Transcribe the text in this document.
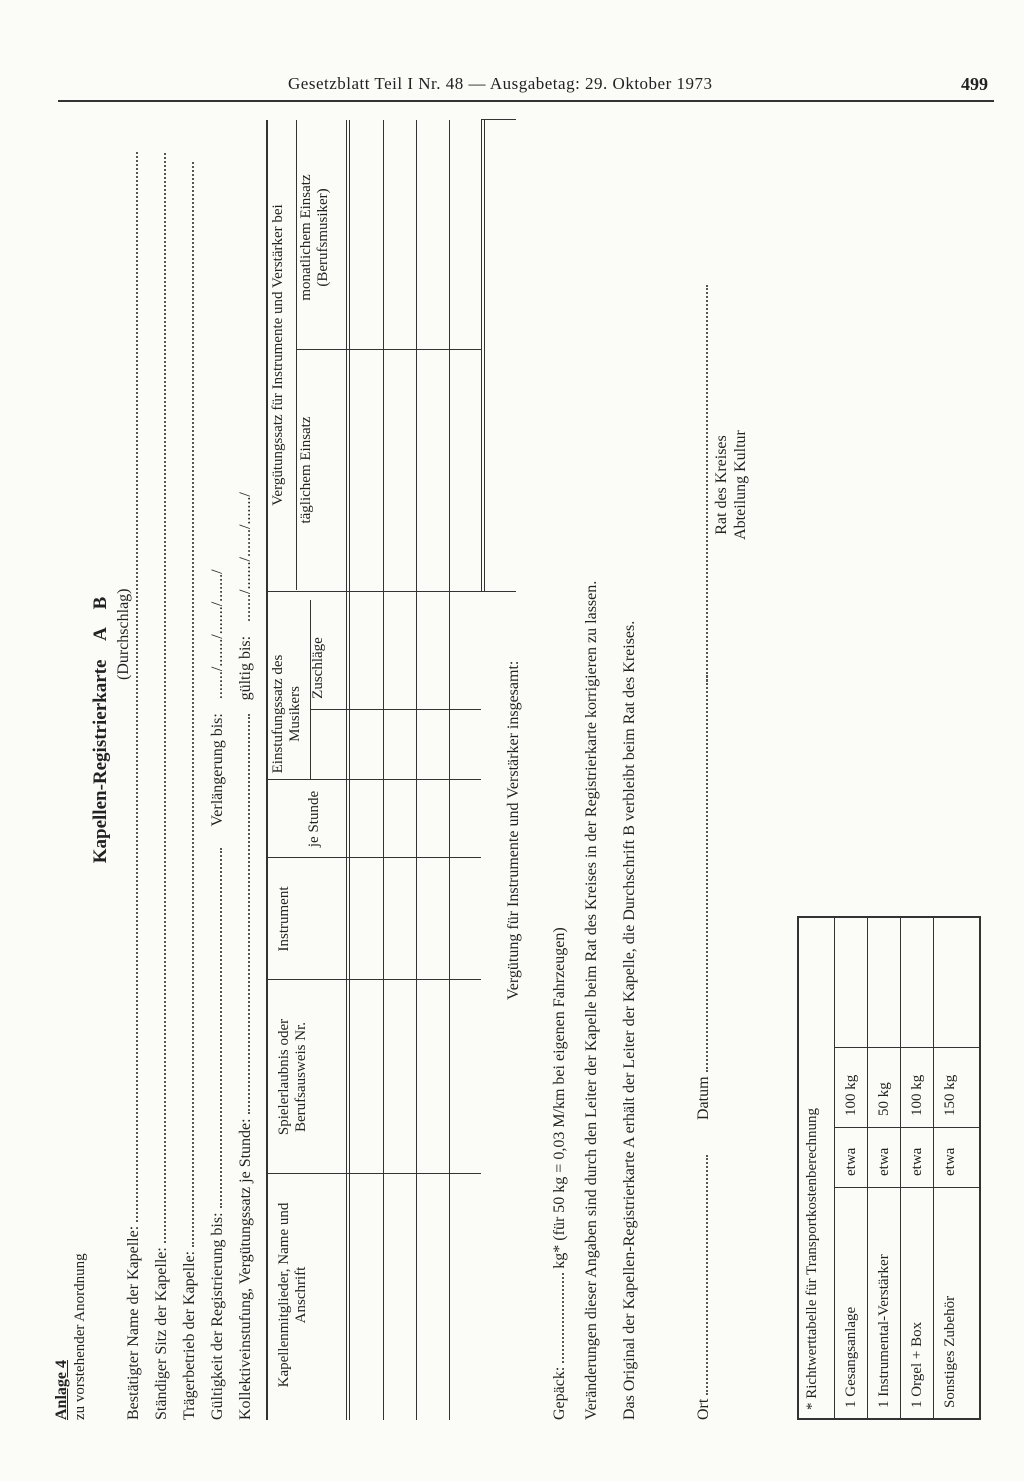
Gesetzblatt Teil I Nr. 48 — Ausgabetag: 29. Oktober 1973	499
Anlage 4 zu vorstehender Anordnung
Kapellen-Registrierkarte A B (Durchschlag)
Bestätigter Name der Kapelle: Ständiger Sitz der Kapelle: Trägerbetrieb der Kapelle: Gültigkeit der Registrierung bis:  Verlängerung bis: ......./......./......./......./
Kollektiveinstufung, Vergütungssatz je Stunde:  gültig bis: ......./......./......./......./
Kapellenmitglieder, Name und Anschrift
Spielerlaubnis oder Berufsausweis Nr.
Instrument
je Stunde
Einstufungssatz des Musikers
Zuschläge
Vergütungssatz für Instrumente und Verstärker bei täglichem Einsatz
monatlichem Einsatz (Berufsmusiker)
Vergütung für Instrumente und Verstärker insgesamt:
Gepäck:  kg* (für 50 kg = 0,03 M/km bei eigenen Fahrzeugen) Veränderungen dieser Angaben sind durch den Leiter der Kapelle beim Rat des Kreises in der Registrierkarte korrigieren zu lassen. Das Original der Kapellen-Registrierkarte A erhält der Leiter der Kapelle, die Durchschrift B verbleibt beim Rat des Kreises.	Ort
Datum
Rat des Kreises Abteilung Kultur
* Richtwerttabelle für Transportkostenberechnung 1 Gesangsanlage
etwa
100 kg
1 Instrumental-Verstärker
etwa
50 kg
1 Orgel + Box
etwa
100 kg
Sonstiges Zubehör
etwa
150 kg
